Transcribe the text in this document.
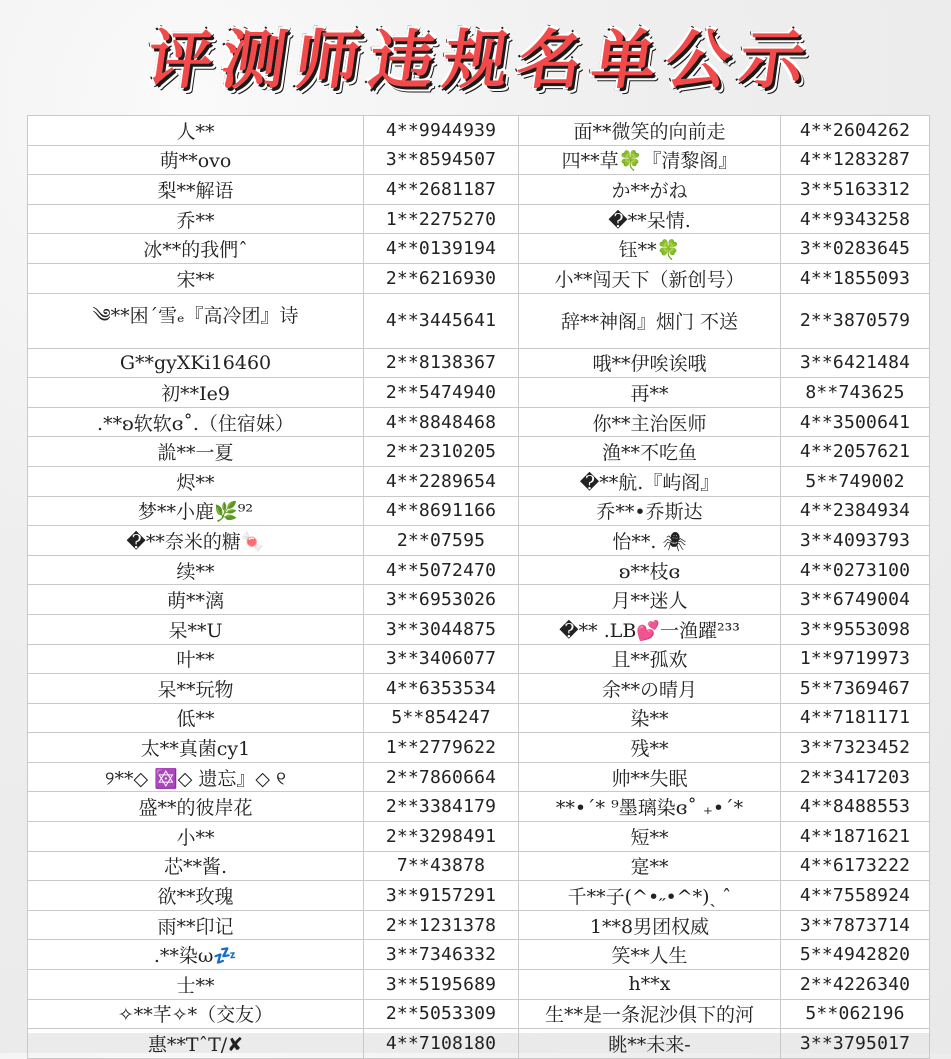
评 测 师 违 规 名 单 公 示
人**	4**9944939	面**微笑的向前走	4**2604262
萌**ovo	3**8594507	四**草🍀『清黎阁』	4**1283287
梨**解语	4**2681187	か**がね	3**5163312
乔**	1**2275270	�**呆情.	4**9343258
冰**的我們ˆ	4**0139194	钰**🍀	3**0283645
宋**	2**6216930	小**闯天下（新创号）	4**1855093
༄**困ˊ雪ₑ『高冷团』诗	4**3445641	辞**神阁』烟门 不送	2**3870579
G**gyXKi16460	2**8138367	哦**伊唉诶哦	3**6421484
初**Ie9	2**5474940	再**	8**743625
.**ʚ软软ɞ˚.（住宿妹）	4**8848468	你**主治医师	4**3500641
詤**一夏	2**2310205	渔**不吃鱼	4**2057621
烬**	4**2289654	�**航.『屿阁』	5**749002
梦**小鹿🌿⁹²	4**8691166	乔**•乔斯达	4**2384934
�**奈米的糖🍬	2**07595	怡**. 🕷	3**4093793
续**	4**5072470	ʚ**枝ɞ	4**0273100
萌**漓	3**6953026	月**迷人	3**6749004
呆**U	3**3044875	�** .LB💕一渔躍²³³	3**9553098
叶**	3**3406077	且**孤欢	1**9719973
呆**玩物	4**6353534	余**の晴月	5**7369467
低**	5**854247	染**	4**7181171
太**真菌cy1	1**2779622	残**	3**7323452
୨**◇ 🔯◇ 遗忘』◇ ୧	2**7860664	帅**失眠	2**3417203
盛**的彼岸花	2**3384179	**•ˊ* ⁹墨璃染ɞ˚ ₊•ˊ*	4**8488553
小**	2**3298491	短**	4**1871621
芯**酱.	7**43878	寔**	4**6173222
欲**玫瑰	3**9157291	千**子(^•˶•^*)ˎ ˆ	4**7558924
雨**印记	2**1231378	1**8男团权威	3**7873714
.**染ω💤	3**7346332	笑**人生	5**4942820
士**	3**5195689	h**x	2**4226340
✧**芊✧*（交友）	2**5053309	生**是一条泥沙俱下的河	5**062196
惠**TˆT/✘	4**7108180	眺**未来-	3**3795017
